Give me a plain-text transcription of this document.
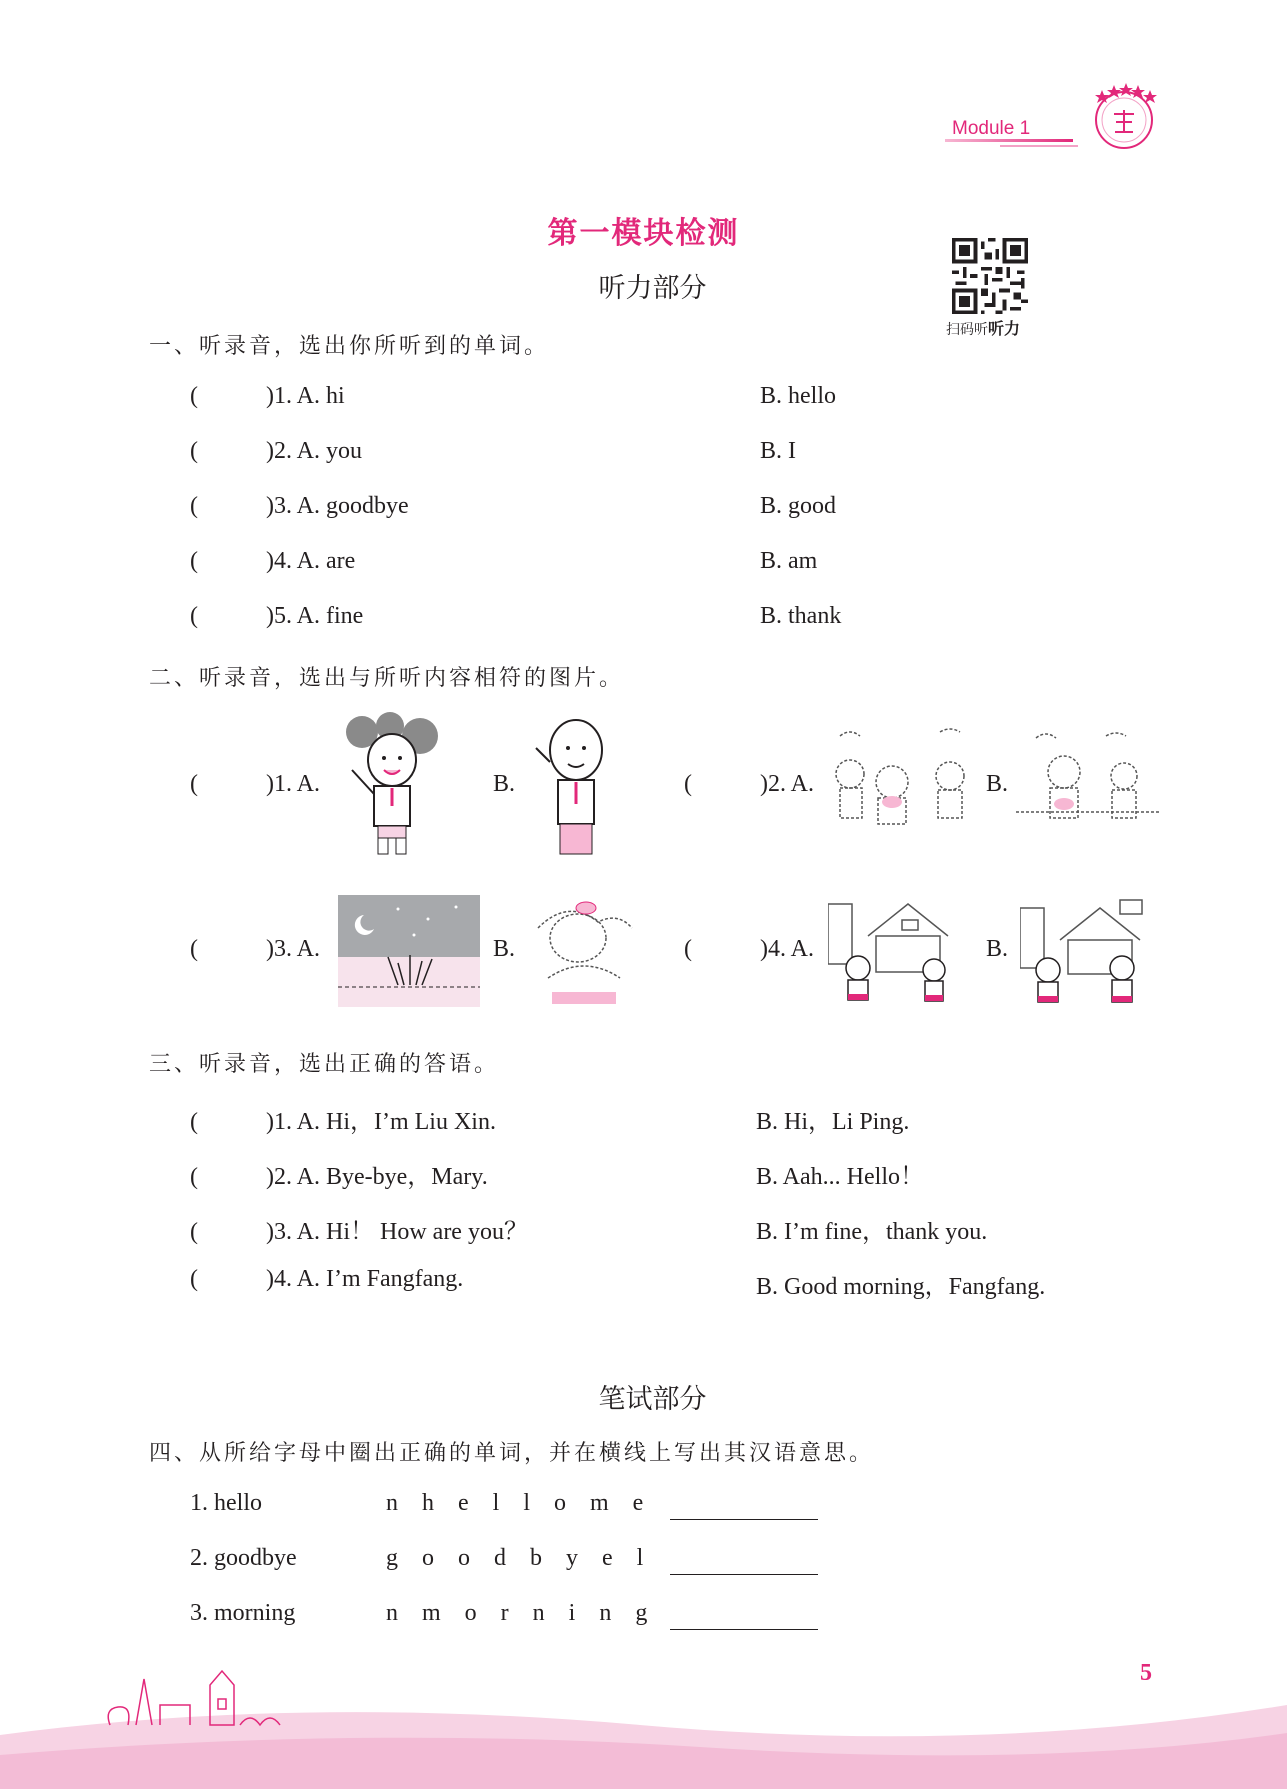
Module 1
第一模块检测
听力部分
扫码听听力
一、听录音，选出你所听到的单词。
(	)1. A. hi	B. hello
(	)2. A. you	B. I
(	)3. A. goodbye	B. good
(	)4. A. are	B. am
(	)5. A. fine	B. thank
二、听录音，选出与所听内容相符的图片。
(	)1. A.	B.	(	)2. A.	B.
(	)3. A.	B.	(	)4. A.	B.
三、听录音，选出正确的答语。
(	)1. A. Hi，I’m Liu Xin.	B. Hi，Li Ping.
(	)2. A. Bye-bye，Mary.	B. Aah... Hello！
(	)3. A. Hi！ How are you？	B. I’m fine，thank you.
(	)4. A. I’m Fangfang.	B. Good morning，Fangfang.
笔试部分
四、从所给字母中圈出正确的单词，并在横线上写出其汉语意思。
1. hello	n h e l l o m e
2. goodbye	g o o d b y e l
3. morning	n m o r n i n g
5
